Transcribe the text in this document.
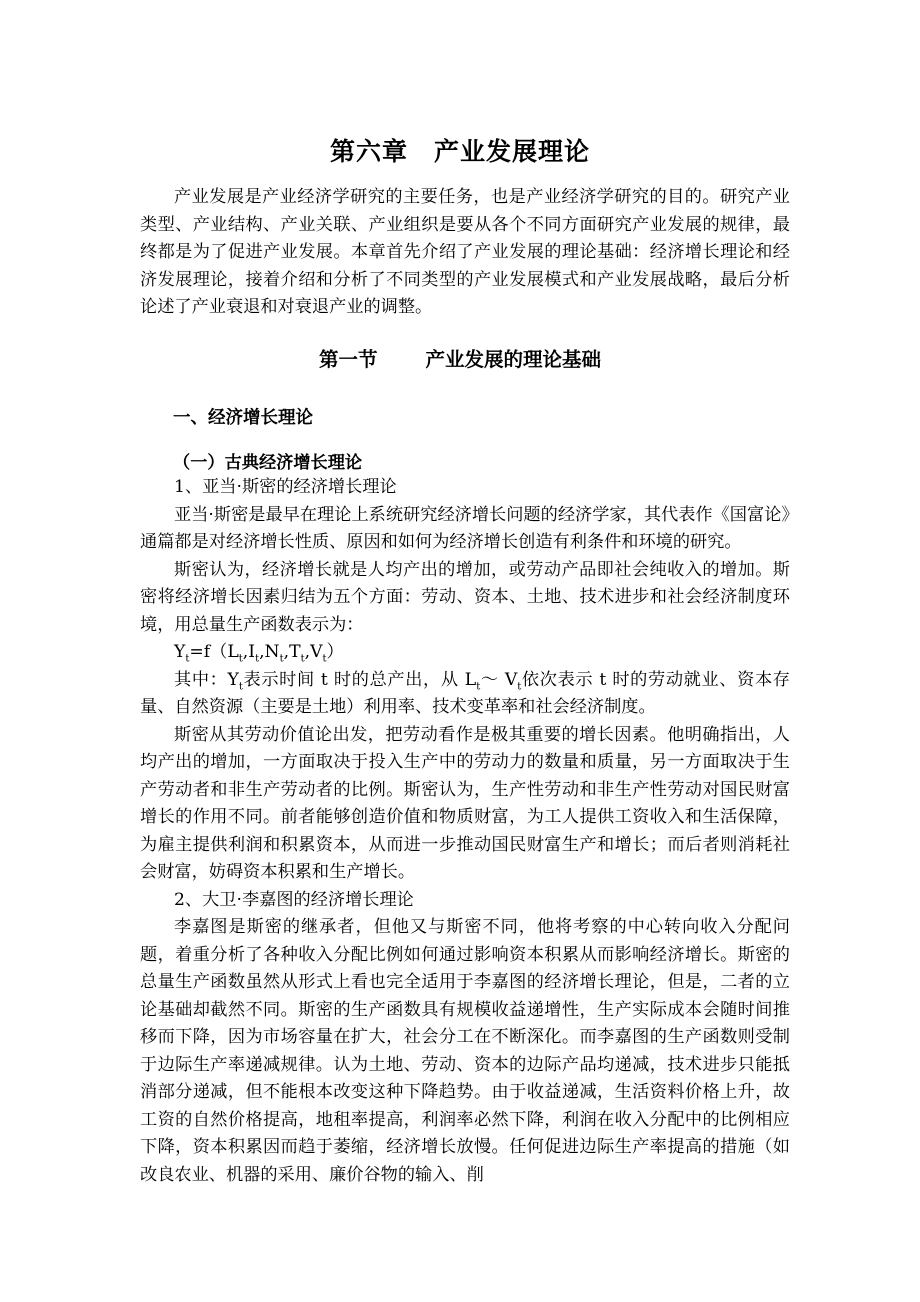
第六章 产业发展理论

产业发展是产业经济学研究的主要任务，也是产业经济学研究的目的。研究产业类型、产业结构、产业关联、产业组织是要从各个不同方面研究产业发展的规律，最终都是为了促进产业发展。本章首先介绍了产业发展的理论基础：经济增长理论和经济发展理论，接着介绍和分析了不同类型的产业发展模式和产业发展战略，最后分析论述了产业衰退和对衰退产业的调整。

第一节 产业发展的理论基础
一、经济增长理论
（一）古典经济增长理论

1、亚当·斯密的经济增长理论

亚当·斯密是最早在理论上系统研究经济增长问题的经济学家，其代表作《国富论》通篇都是对经济增长性质、原因和如何为经济增长创造有利条件和环境的研究。

斯密认为，经济增长就是人均产出的增加，或劳动产品即社会纯收入的增加。斯密将经济增长因素归结为五个方面：劳动、资本、土地、技术进步和社会经济制度环境，用总量生产函数表示为：

$Y_t=f(L_t,I_t,N_t,T_t,V_t)$

其中：$Y_t$表示时间 t 时的总产出，从 $L_t\sim$ $V_t$依次表示 t 时的劳动就业、资本存量、自然资源（主要是土地）利用率、技术变革率和社会经济制度。

斯密从其劳动价值论出发，把劳动看作是极其重要的增长因素。他明确指出，人均产出的增加，一方面取决于投入生产中的劳动力的数量和质量，另一方面取决于生产劳动者和非生产劳动者的比例。斯密认为，生产性劳动和非生产性劳动对国民财富增长的作用不同。前者能够创造价值和物质财富，为工人提供工资收入和生活保障，为雇主提供利润和积累资本，从而进一步推动国民财富生产和增长；而后者则消耗社会财富，妨碍资本积累和生产增长。

2、大卫·李嘉图的经济增长理论

李嘉图是斯密的继承者，但他又与斯密不同，他将考察的中心转向收入分配问题，着重分析了各种收入分配比例如何通过影响资本积累从而影响经济增长。斯密的总量生产函数虽然从形式上看也完全适用于李嘉图的经济增长理论，但是，二者的立论基础却截然不同。斯密的生产函数具有规模收益递增性，生产实际成本会随时间推移而下降，因为市场容量在扩大，社会分工在不断深化。而李嘉图的生产函数则受制于边际生产率递减规律。认为土地、劳动、资本的边际产品均递减，技术进步只能抵消部分递减，但不能根本改变这种下降趋势。由于收益递减，生活资料价格上升，故工资的自然价格提高，地租率提高，利润率必然下降，利润在收入分配中的比例相应下降，资本积累因而趋于萎缩，经济增长放慢。任何促进边际生产率提高的措施（如改良农业、机器的采用、廉价谷物的输入、削
